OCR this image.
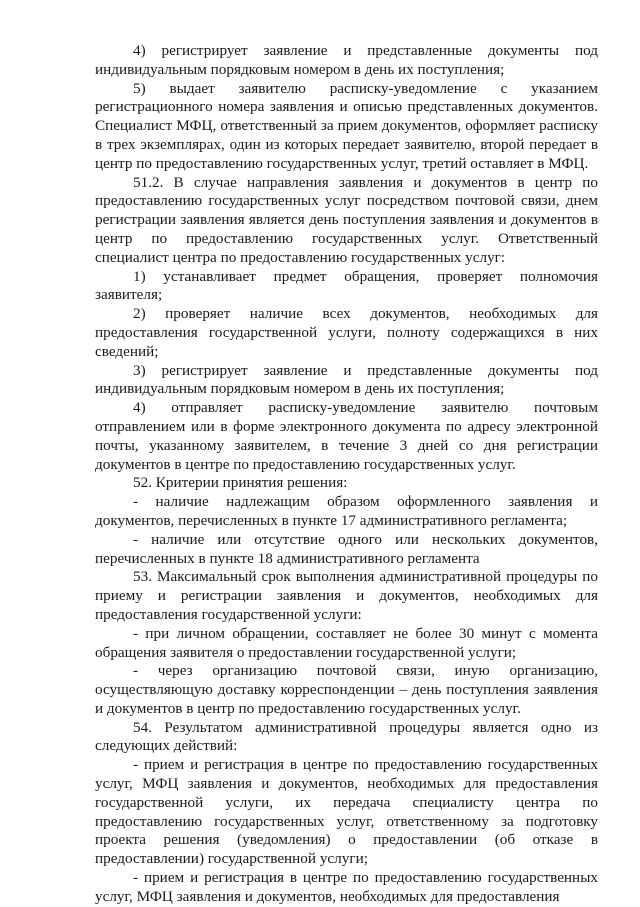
4) регистрирует заявление и представленные документы под индивидуальным порядковым номером в день их поступления;

5) выдает заявителю расписку-уведомление с указанием регистрационного номера заявления и описью представленных документов. Специалист МФЦ, ответственный за прием документов, оформляет расписку в трех экземплярах, один из которых передает заявителю, второй передает в центр по предоставлению государственных услуг, третий оставляет в МФЦ.

51.2. В случае направления заявления и документов в центр по предоставлению государственных услуг посредством почтовой связи, днем регистрации заявления является день поступления заявления и документов в центр по предоставлению государственных услуг. Ответственный специалист центра по предоставлению государственных услуг:

1) устанавливает предмет обращения, проверяет полномочия заявителя;

2) проверяет наличие всех документов, необходимых для предоставления государственной услуги, полноту содержащихся в них сведений;

3) регистрирует заявление и представленные документы под индивидуальным порядковым номером в день их поступления;

4) отправляет расписку-уведомление заявителю почтовым отправлением или в форме электронного документа по адресу электронной почты, указанному заявителем, в течение 3 дней со дня регистрации документов в центре по предоставлению государственных услуг.

52. Критерии принятия решения:

- наличие надлежащим образом оформленного заявления и документов, перечисленных в пункте 17 административного регламента;

- наличие или отсутствие одного или нескольких документов, перечисленных в пункте 18 административного регламента

53. Максимальный срок выполнения административной процедуры по приему и регистрации заявления и документов, необходимых для предоставления государственной услуги:

- при личном обращении, составляет не более 30 минут с момента обращения заявителя о предоставлении государственной услуги;

- через организацию почтовой связи, иную организацию, осуществляющую доставку корреспонденции – день поступления заявления и документов в центр по предоставлению государственных услуг.

54. Результатом административной процедуры является одно из следующих действий:

- прием и регистрация в центре по предоставлению государственных услуг, МФЦ заявления и документов, необходимых для предоставления государственной услуги, их передача специалисту центра по предоставлению государственных услуг, ответственному за подготовку проекта решения (уведомления) о предоставлении (об отказе в предоставлении) государственной услуги;

- прием и регистрация в центре по предоставлению государственных услуг, МФЦ заявления и документов, необходимых для предоставления
